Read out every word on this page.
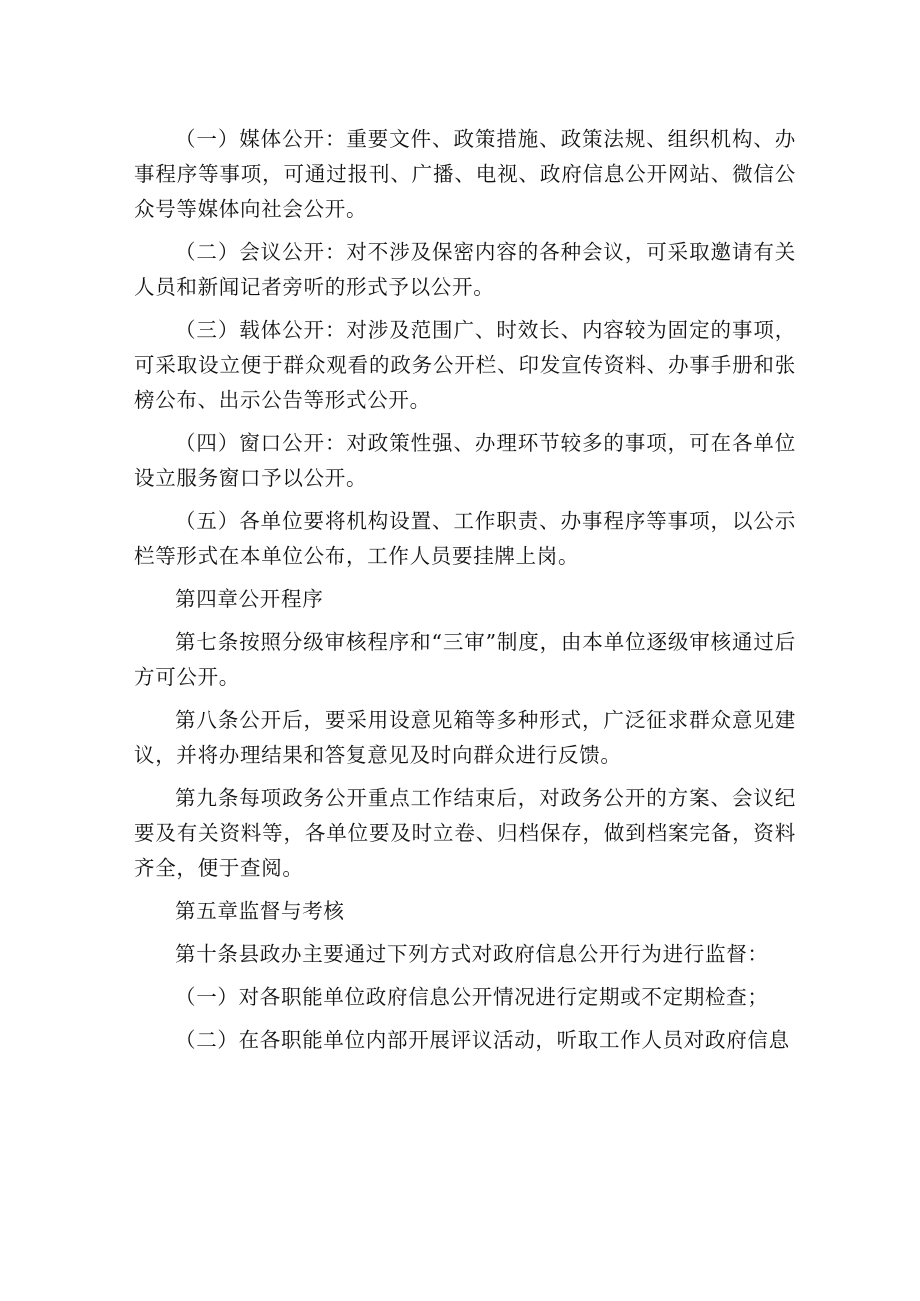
（一）媒体公开：重要文件、政策措施、政策法规、组织机构、办事程序等事项，可通过报刊、广播、电视、政府信息公开网站、微信公众号等媒体向社会公开。

（二）会议公开：对不涉及保密内容的各种会议，可采取邀请有关人员和新闻记者旁听的形式予以公开。

（三）载体公开：对涉及范围广、时效长、内容较为固定的事项，可采取设立便于群众观看的政务公开栏、印发宣传资料、办事手册和张榜公布、出示公告等形式公开。

（四）窗口公开：对政策性强、办理环节较多的事项，可在各单位设立服务窗口予以公开。

（五）各单位要将机构设置、工作职责、办事程序等事项，以公示栏等形式在本单位公布，工作人员要挂牌上岗。

第四章公开程序

第七条按照分级审核程序和“三审”制度，由本单位逐级审核通过后方可公开。

第八条公开后，要采用设意见箱等多种形式，广泛征求群众意见建议，并将办理结果和答复意见及时向群众进行反馈。

第九条每项政务公开重点工作结束后，对政务公开的方案、会议纪要及有关资料等，各单位要及时立卷、归档保存，做到档案完备，资料齐全，便于查阅。

第五章监督与考核

第十条县政办主要通过下列方式对政府信息公开行为进行监督：

（一）对各职能单位政府信息公开情况进行定期或不定期检查；

（二）在各职能单位内部开展评议活动，听取工作人员对政府信息
